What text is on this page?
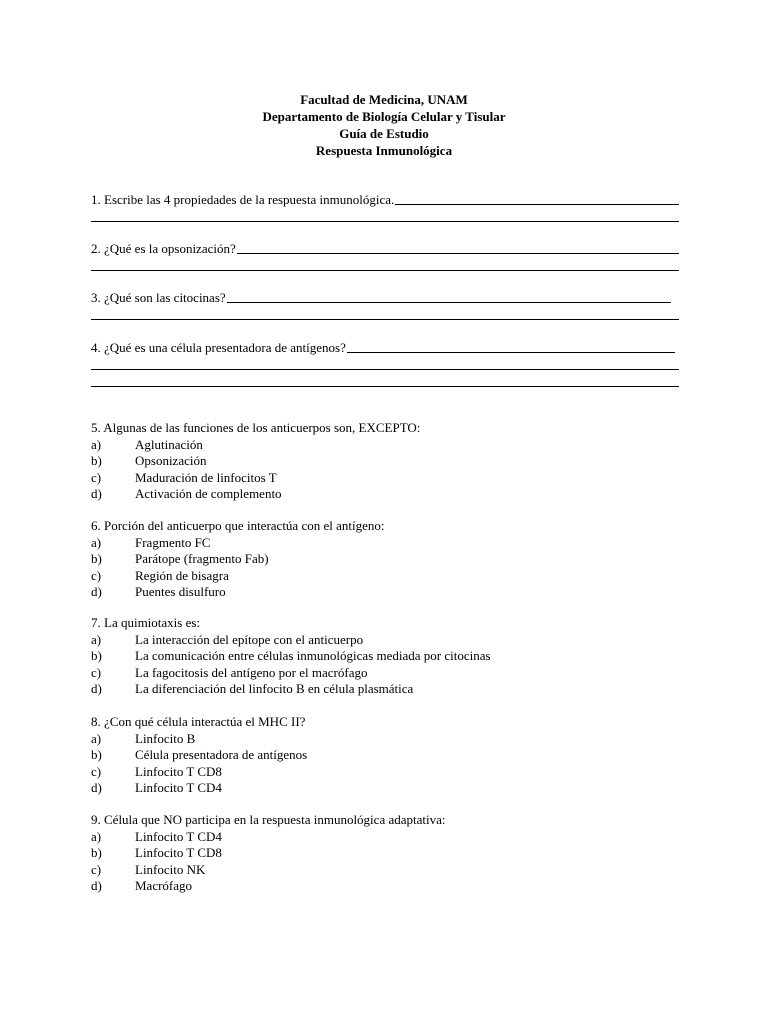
Facultad de Medicina, UNAM
Departamento de Biología Celular y Tisular
Guía de Estudio
Respuesta Inmunológica
1. Escribe las 4 propiedades de la respuesta inmunológica.
2. ¿Qué es la opsonización?
3. ¿Qué son las citocinas?
4. ¿Qué es una célula presentadora de antígenos?
5. Algunas de las funciones de los anticuerpos son, EXCEPTO:
a)	Aglutinación
b)	Opsonización
c)	Maduración de linfocitos T
d)	Activación de complemento
6. Porción del anticuerpo que interactúa con el antígeno:
a)	Fragmento FC
b)	Parátope (fragmento Fab)
c)	Región de bisagra
d)	Puentes disulfuro
7. La quimiotaxis es:
a)	La interacción del epítope con el anticuerpo
b)	La comunicación entre células inmunológicas mediada por citocinas
c)	La fagocitosis del antígeno por el macrófago
d)	La diferenciación del linfocito B en célula plasmática
8. ¿Con qué célula interactúa el MHC II?
a)	Linfocito B
b)	Célula presentadora de antígenos
c)	Linfocito T CD8
d)	Linfocito T CD4
9. Célula que NO participa en la respuesta inmunológica adaptativa:
a)	Linfocito T CD4
b)	Linfocito T CD8
c)	Linfocito NK
d)	Macrófago
